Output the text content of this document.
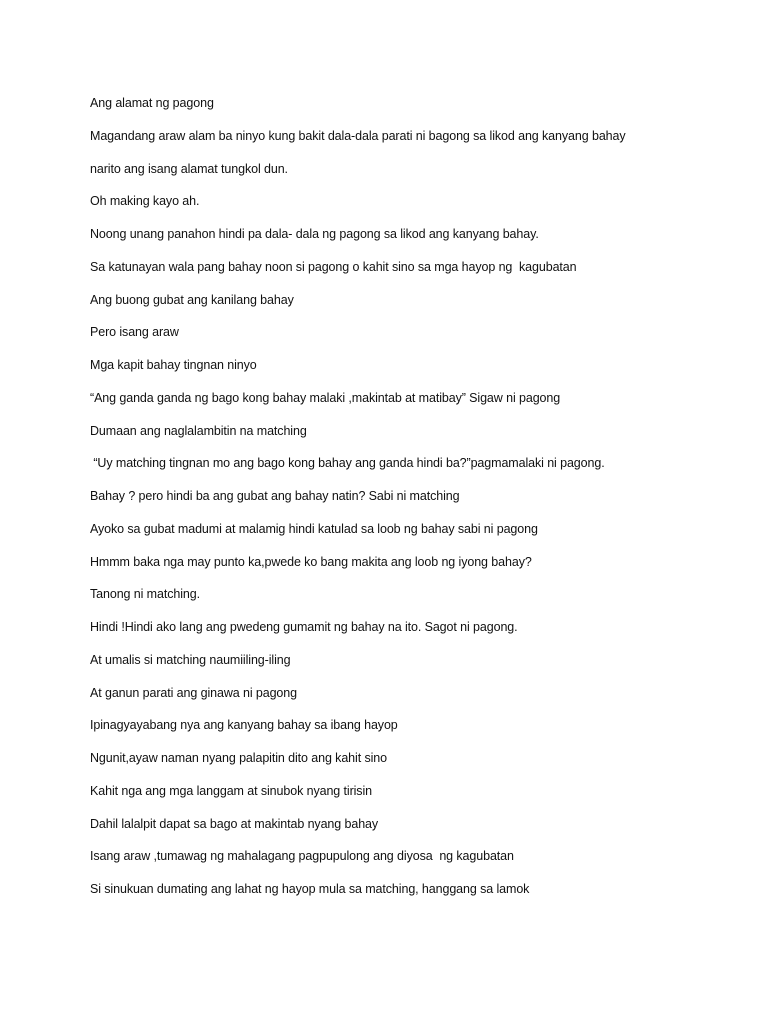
Ang alamat ng pagong
Magandang araw alam ba ninyo kung bakit dala-dala parati ni bagong sa likod ang kanyang bahay
narito ang isang alamat tungkol dun.
Oh making kayo ah.
Noong unang panahon hindi pa dala- dala ng pagong sa likod ang kanyang bahay.
Sa katunayan wala pang bahay noon si pagong o kahit sino sa mga hayop ng  kagubatan
Ang buong gubat ang kanilang bahay
Pero isang araw
Mga kapit bahay tingnan ninyo
“Ang ganda ganda ng bago kong bahay malaki ,makintab at matibay” Sigaw ni pagong
Dumaan ang naglalambitin na matching
“Uy matching tingnan mo ang bago kong bahay ang ganda hindi ba?”pagmamalaki ni pagong.
Bahay ? pero hindi ba ang gubat ang bahay natin? Sabi ni matching
Ayoko sa gubat madumi at malamig hindi katulad sa loob ng bahay sabi ni pagong
Hmmm baka nga may punto ka,pwede ko bang makita ang loob ng iyong bahay?
Tanong ni matching.
Hindi !Hindi ako lang ang pwedeng gumamit ng bahay na ito. Sagot ni pagong.
At umalis si matching naumiiling-iling
At ganun parati ang ginawa ni pagong
Ipinagyayabang nya ang kanyang bahay sa ibang hayop
Ngunit,ayaw naman nyang palapitin dito ang kahit sino
Kahit nga ang mga langgam at sinubok nyang tirisin
Dahil lalalpit dapat sa bago at makintab nyang bahay
Isang araw ,tumawag ng mahalagang pagpupulong ang diyosa  ng kagubatan
Si sinukuan dumating ang lahat ng hayop mula sa matching, hanggang sa lamok
